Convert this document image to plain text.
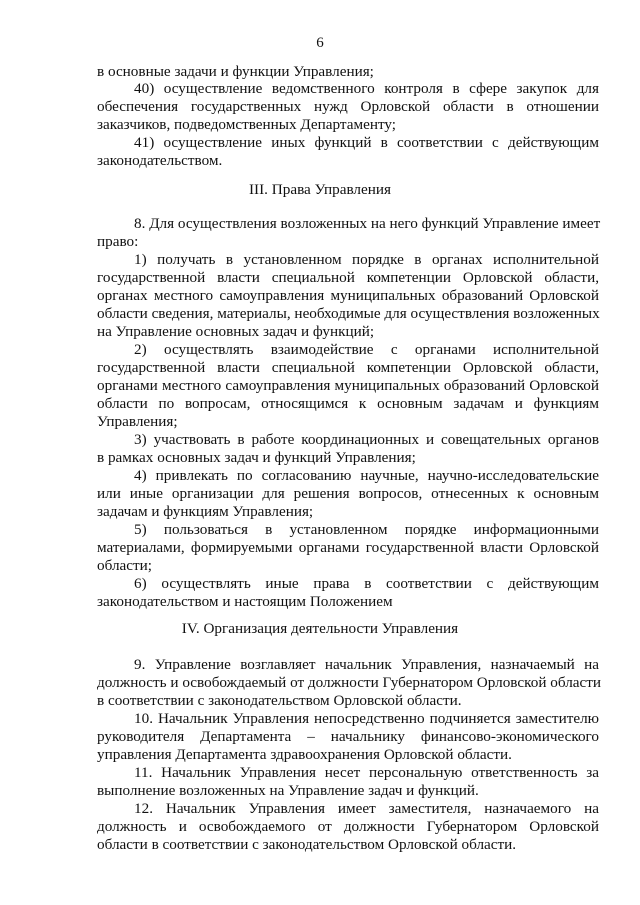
6
III. Права Управления
IV. Организация деятельности Управления
в основные задачи и функции Управления;
40) осуществление ведомственного контроля в сфере закупок для
обеспечения государственных нужд Орловской области в отношении
заказчиков, подведомственных Департаменту;
41) осуществление иных функций в соответствии с действующим
законодательством.
8. Для осуществления возложенных на него функций Управление имеет
право:
1) получать в установленном порядке в органах исполнительной
государственной власти специальной компетенции Орловской области,
органах местного самоуправления муниципальных образований Орловской
области сведения, материалы, необходимые для осуществления возложенных
на Управление основных задач и функций;
2) осуществлять взаимодействие с органами исполнительной
государственной власти специальной компетенции Орловской области,
органами местного самоуправления муниципальных образований Орловской
области по вопросам, относящимся к основным задачам и функциям
Управления;
3) участвовать в работе координационных и совещательных органов
в рамках основных задач и функций Управления;
4) привлекать по согласованию научные, научно-исследовательские
или иные организации для решения вопросов, отнесенных к основным
задачам и функциям Управления;
5) пользоваться в установленном порядке информационными
материалами, формируемыми органами государственной власти Орловской
области;
6) осуществлять иные права в соответствии с действующим
законодательством и настоящим Положением
9. Управление возглавляет начальник Управления, назначаемый на
должность и освобождаемый от должности Губернатором Орловской области
в соответствии с законодательством Орловской области.
10. Начальник Управления непосредственно подчиняется заместителю
руководителя Департамента – начальнику финансово-экономического
управления Департамента здравоохранения Орловской области.
11. Начальник Управления несет персональную ответственность за
выполнение возложенных на Управление задач и функций.
12. Начальник Управления имеет заместителя, назначаемого на
должность и освобождаемого от должности Губернатором Орловской
области в соответствии с законодательством Орловской области.
